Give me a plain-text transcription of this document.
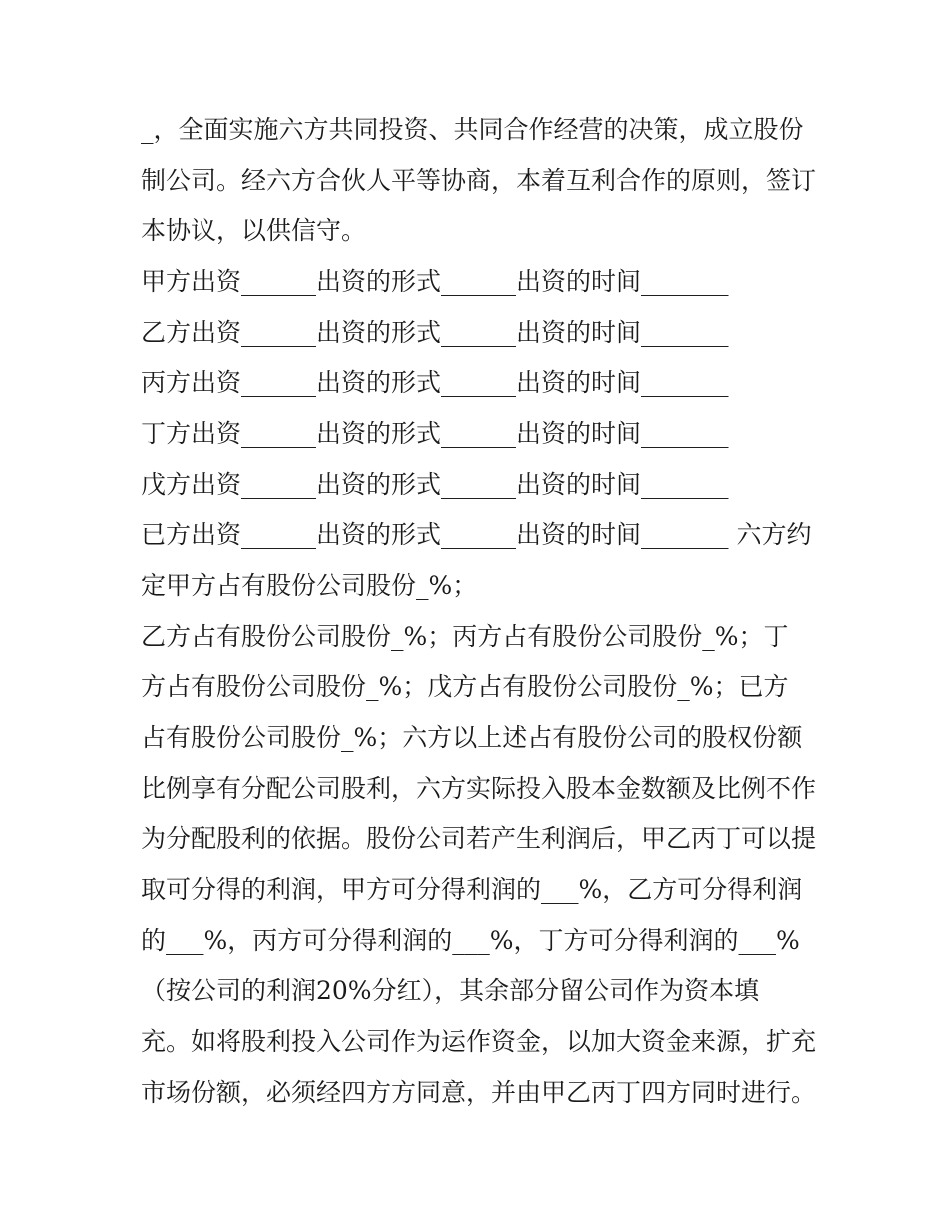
_，全面实施六方共同投资、共同合作经营的决策，成立股份
制公司。经六方合伙人平等协商，本着互利合作的原则，签订
本协议，以供信守。
甲方出资______出资的形式______出资的时间_______
乙方出资______出资的形式______出资的时间_______
丙方出资______出资的形式______出资的时间_______
丁方出资______出资的形式______出资的时间_______
戊方出资______出资的形式______出资的时间_______
已方出资______出资的形式______出资的时间_______ 六方约
定甲方占有股份公司股份_%；
乙方占有股份公司股份_%；丙方占有股份公司股份_%；丁
方占有股份公司股份_%；戊方占有股份公司股份_%；已方
占有股份公司股份_%；六方以上述占有股份公司的股权份额
比例享有分配公司股利，六方实际投入股本金数额及比例不作
为分配股利的依据。股份公司若产生利润后，甲乙丙丁可以提
取可分得的利润，甲方可分得利润的___%，乙方可分得利润
的___%，丙方可分得利润的___%，丁方可分得利润的___%
（按公司的利润20%分红），其余部分留公司作为资本填
充。如将股利投入公司作为运作资金，以加大资金来源，扩充
市场份额，必须经四方方同意，并由甲乙丙丁四方同时进行。
